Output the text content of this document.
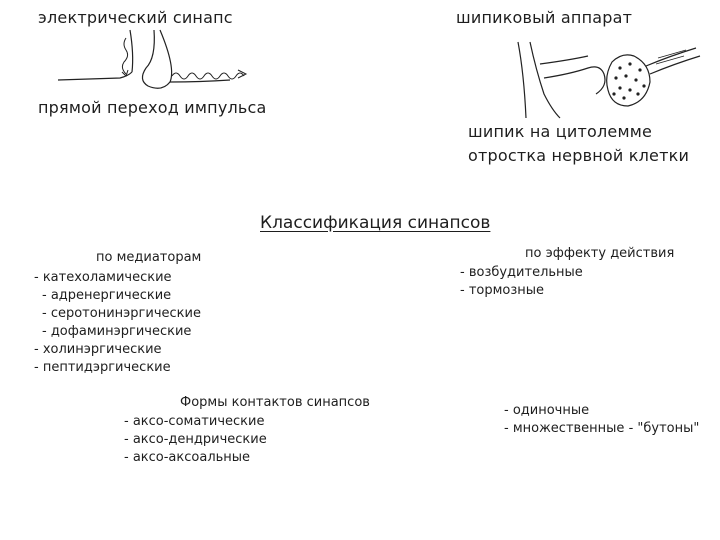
электрический синапс
прямой переход импульса
шипиковый аппарат
шипик на цитолемме
отростка нервной клетки
Классификация синапсов
по медиаторам
- катехоламические
- адренергические
- серотонинэргические
- дофаминэргические
- холинэргические
- пептидэргические
по эффекту действия
- возбудительные
- тормозные
Формы контактов синапсов
- аксо-соматические
- аксо-дендрические
- аксо-аксоальные
- одиночные
- множественные - "бутоны"
